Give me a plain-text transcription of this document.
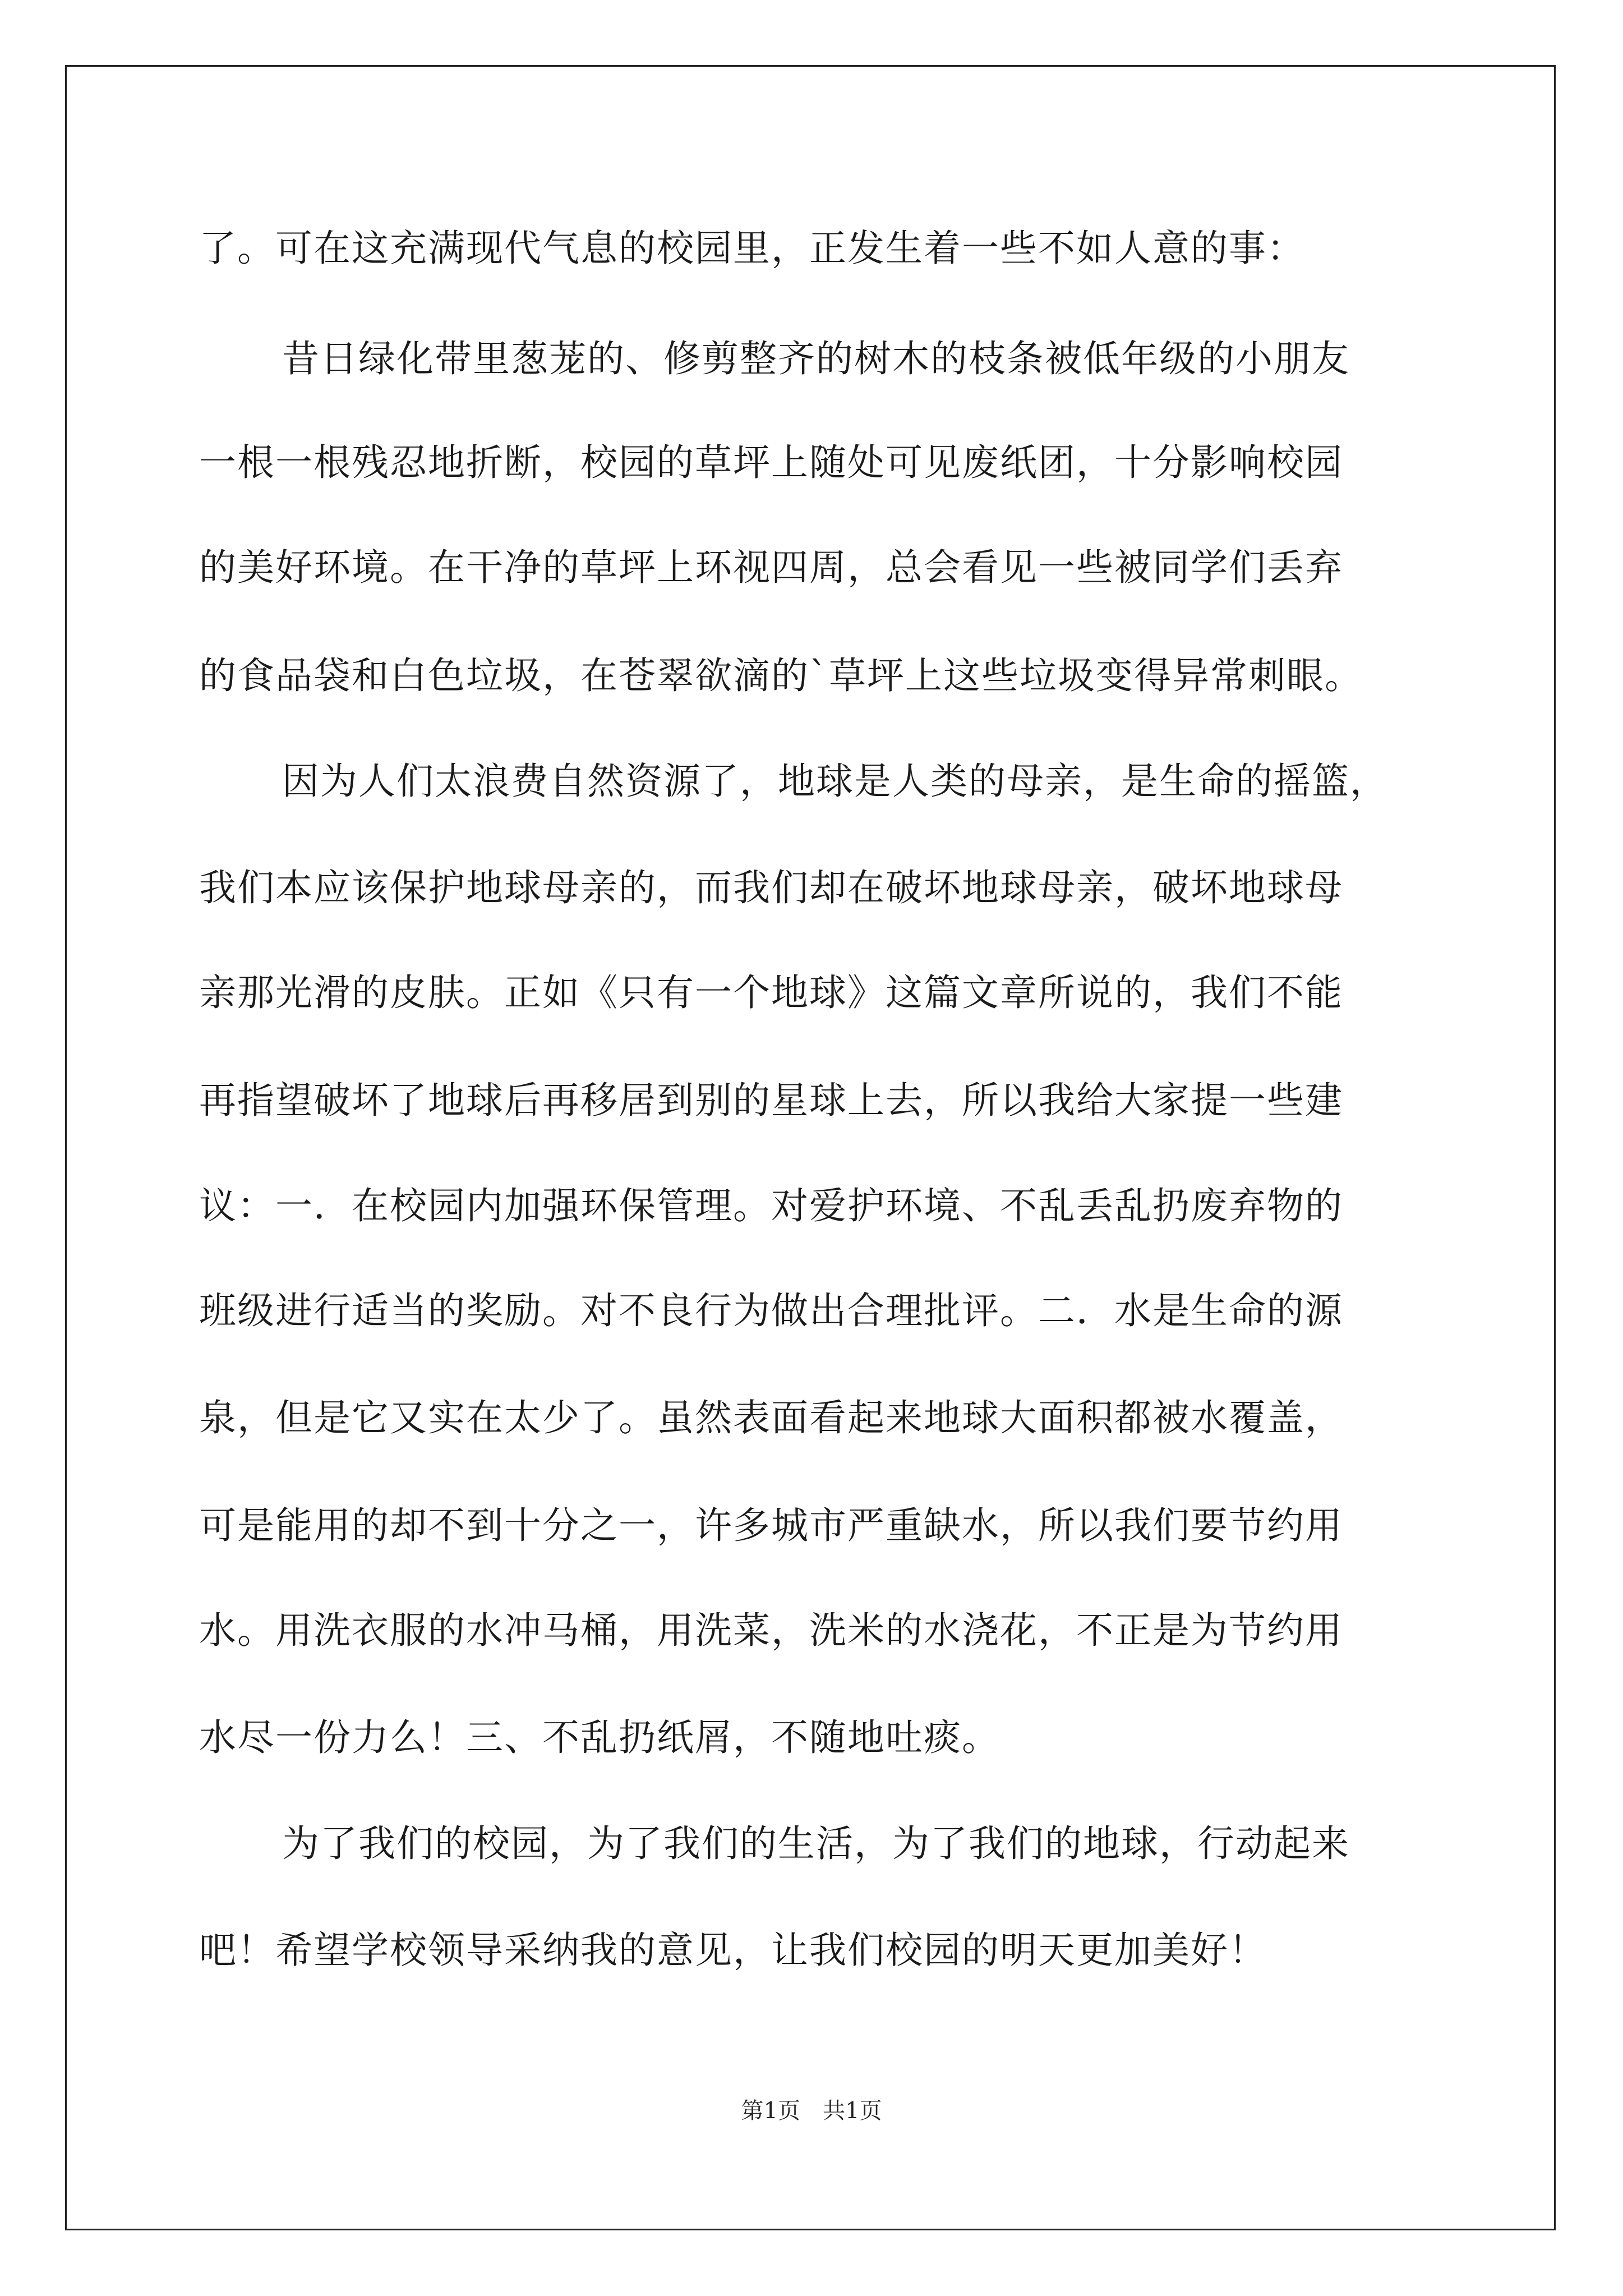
了。可在这充满现代气息的校园里，正发生着一些不如人意的事：
昔日绿化带里葱茏的、修剪整齐的树木的枝条被低年级的小朋友
一根一根残忍地折断，校园的草坪上随处可见废纸团，十分影响校园
的美好环境。在干净的草坪上环视四周，总会看见一些被同学们丢弃
的食品袋和白色垃圾，在苍翠欲滴的`草坪上这些垃圾变得异常刺眼。
因为人们太浪费自然资源了，地球是人类的母亲，是生命的摇篮，
我们本应该保护地球母亲的，而我们却在破坏地球母亲，破坏地球母
亲那光滑的皮肤。正如《只有一个地球》这篇文章所说的，我们不能
再指望破坏了地球后再移居到别的星球上去，所以我给大家提一些建
议：一．在校园内加强环保管理。对爱护环境、不乱丢乱扔废弃物的
班级进行适当的奖励。对不良行为做出合理批评。二．水是生命的源
泉，但是它又实在太少了。虽然表面看起来地球大面积都被水覆盖，
可是能用的却不到十分之一，许多城市严重缺水，所以我们要节约用
水。用洗衣服的水冲马桶，用洗菜，洗米的水浇花，不正是为节约用
水尽一份力么！三、不乱扔纸屑，不随地吐痰。
为了我们的校园，为了我们的生活，为了我们的地球，行动起来
吧！希望学校领导采纳我的意见，让我们校园的明天更加美好！
第1页　共1页
